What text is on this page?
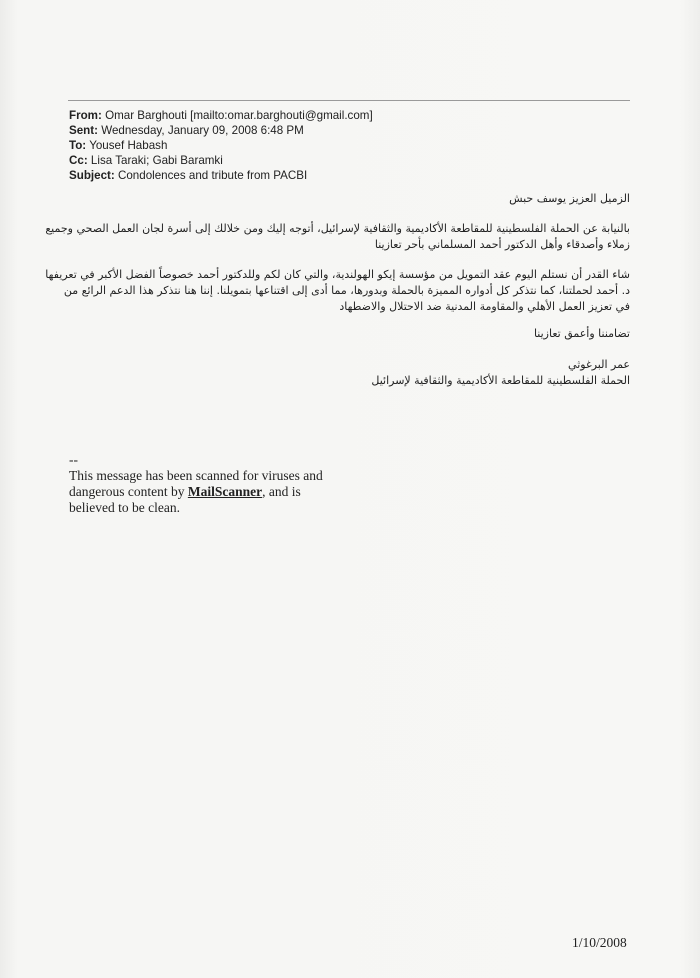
From: Omar Barghouti [mailto:omar.barghouti@gmail.com]
Sent: Wednesday, January 09, 2008 6:48 PM
To: Yousef Habash
Cc: Lisa Taraki; Gabi Baramki
Subject: Condolences and tribute from PACBI
الزميل العزيز يوسف حبش
بالنيابة عن الحملة الفلسطينية للمقاطعة الأكاديمية والثقافية لإسرائيل، أتوجه إليك ومن خلالك إلى أسرة لجان العمل الصحي وجميع
زملاء وأصدقاء وأهل الدكتور أحمد المسلماني بأحر تعازينا
شاء القدر أن نستلم اليوم عقد التمويل من مؤسسة إيكو الهولندية، والتي كان لكم وللدكتور أحمد خصوصاً الفضل الأكبر في تعريفها
د. أحمد لحملتنا، كما نتذكر كل أدواره المميزة بالحملة وبدورها، مما أدى إلى اقتناعها بتمويلنا. إننا هنا نتذكر هذا الدعم الرائع من
في تعزيز العمل الأهلي والمقاومة المدنية ضد الاحتلال والاضطهاد
تضامننا وأعمق تعازينا
عمر البرغوثي
الحملة الفلسطينية للمقاطعة الأكاديمية والثقافية لإسرائيل
--
This message has been scanned for viruses and
dangerous content by MailScanner, and is
believed to be clean.
1/10/2008
